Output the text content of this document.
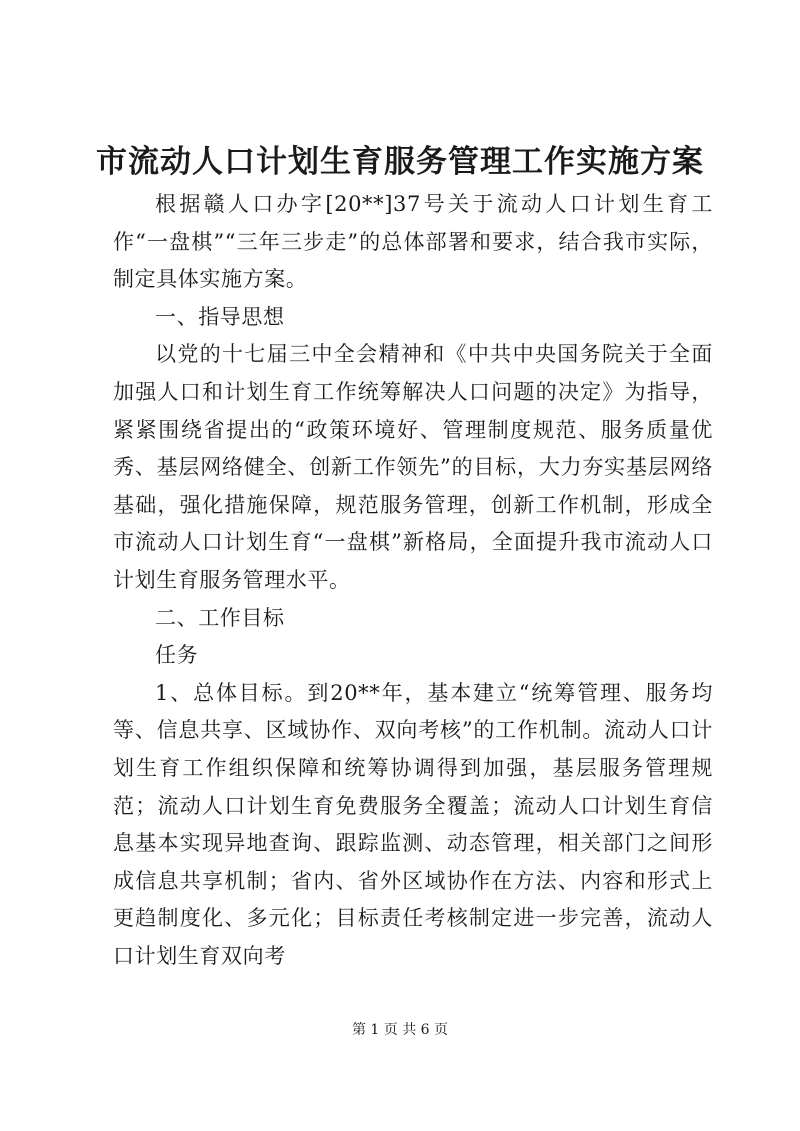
市流动人口计划生育服务管理工作实施方案

根据赣人口办字[20**]37号关于流动人口计划生育工作“一盘棋”“三年三步走”的总体部署和要求，结合我市实际，制定具体实施方案。

一、指导思想

以党的十七届三中全会精神和《中共中央国务院关于全面加强人口和计划生育工作统筹解决人口问题的决定》为指导，紧紧围绕省提出的“政策环境好、管理制度规范、服务质量优秀、基层网络健全、创新工作领先”的目标，大力夯实基层网络基础，强化措施保障，规范服务管理，创新工作机制，形成全市流动人口计划生育“一盘棋”新格局，全面提升我市流动人口计划生育服务管理水平。

二、工作目标

任务

1、总体目标。到20**年，基本建立“统筹管理、服务均等、信息共享、区域协作、双向考核”的工作机制。流动人口计划生育工作组织保障和统筹协调得到加强，基层服务管理规范；流动人口计划生育免费服务全覆盖；流动人口计划生育信息基本实现异地查询、跟踪监测、动态管理，相关部门之间形成信息共享机制；省内、省外区域协作在方法、内容和形式上更趋制度化、多元化；目标责任考核制定进一步完善，流动人口计划生育双向考

第 1 页 共 6 页
